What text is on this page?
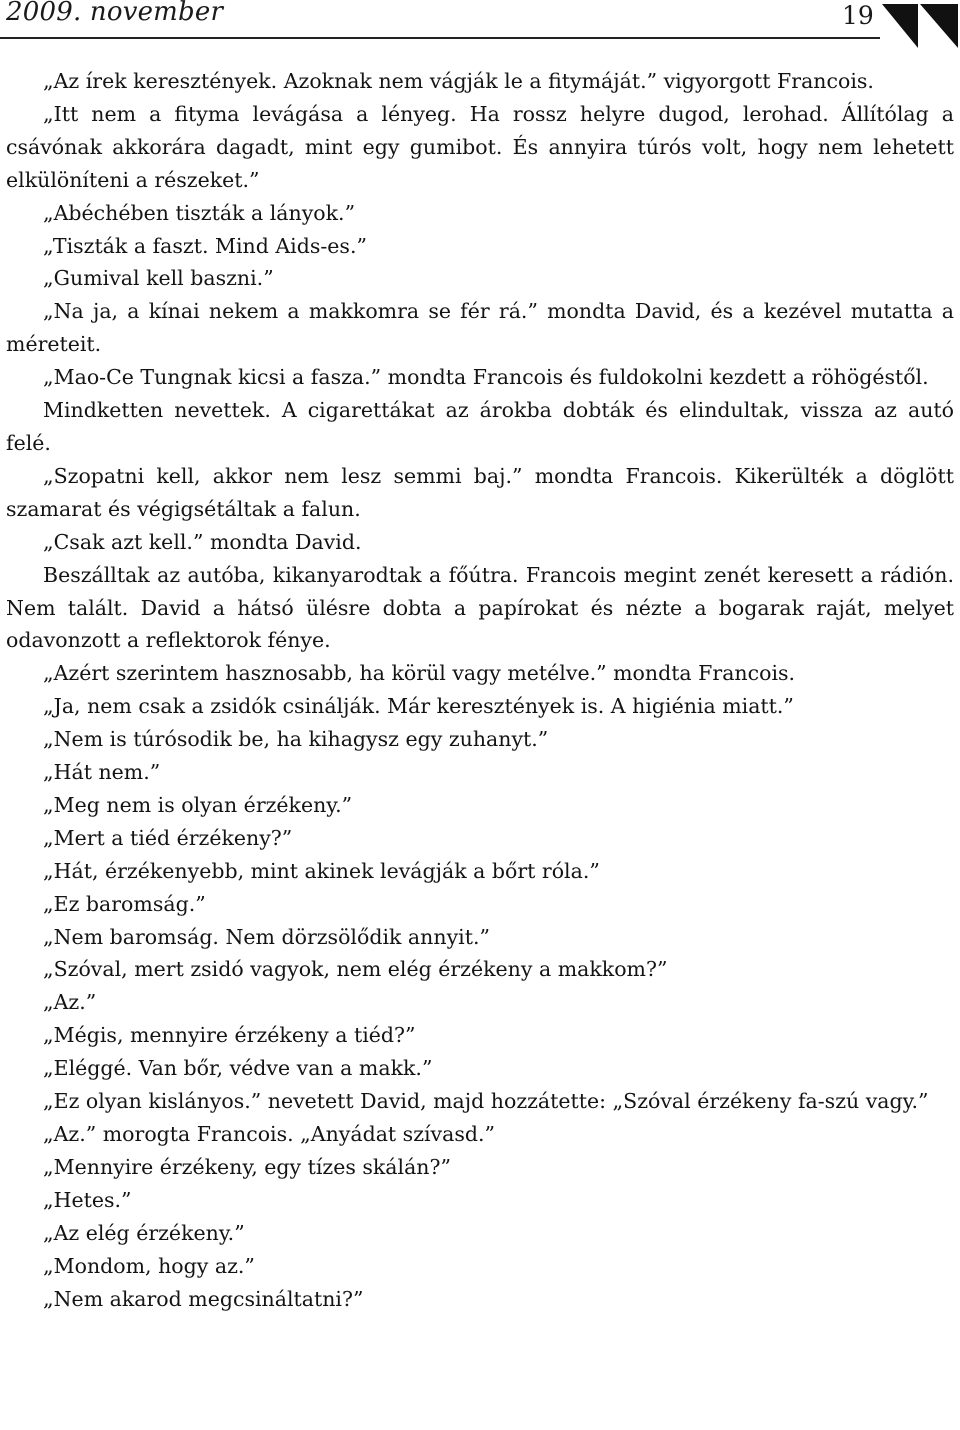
2009. november	19

„Az írek keresztények. Azoknak nem vágják le a fitymáját.” vigyorgott Francois.

„Itt nem a fityma levágása a lényeg. Ha rossz helyre dugod, lerohad. Állítólag a csávónak akkorára dagadt, mint egy gumibot. És annyira túrós volt, hogy nem lehetett elkülöníteni a részeket.”

„Abéchében tiszták a lányok.”

„Tiszták a faszt. Mind Aids-es.”

„Gumival kell baszni.”

„Na ja, a kínai nekem a makkomra se fér rá.” mondta David, és a kezével mutatta a méreteit.

„Mao-Ce Tungnak kicsi a fasza.” mondta Francois és fuldokolni kezdett a röhögéstől.

Mindketten nevettek. A cigarettákat az árokba dobták és elindultak, vissza az autó felé.

„Szopatni kell, akkor nem lesz semmi baj.” mondta Francois. Kikerülték a döglött szamarat és végigsétáltak a falun.

„Csak azt kell.” mondta David.

Beszálltak az autóba, kikanyarodtak a főútra. Francois megint zenét keresett a rádión. Nem talált. David a hátsó ülésre dobta a papírokat és nézte a bogarak raját, melyet odavonzott a reflektorok fénye.

„Azért szerintem hasznosabb, ha körül vagy metélve.” mondta Francois.

„Ja, nem csak a zsidók csinálják. Már keresztények is. A higiénia miatt.”

„Nem is túrósodik be, ha kihagysz egy zuhanyt.”

„Hát nem.”

„Meg nem is olyan érzékeny.”

„Mert a tiéd érzékeny?”

„Hát, érzékenyebb, mint akinek levágják a bőrt róla.”

„Ez baromság.”

„Nem baromság. Nem dörzsölődik annyit.”

„Szóval, mert zsidó vagyok, nem elég érzékeny a makkom?”

„Az.”

„Mégis, mennyire érzékeny a tiéd?”

„Eléggé. Van bőr, védve van a makk.”

„Ez olyan kislányos.” nevetett David, majd hozzátette: „Szóval érzékeny fa-szú vagy.”

„Az.” morogta Francois. „Anyádat szívasd.”

„Mennyire érzékeny, egy tízes skálán?”

„Hetes.”

„Az elég érzékeny.”

„Mondom, hogy az.”

„Nem akarod megcsináltatni?”
